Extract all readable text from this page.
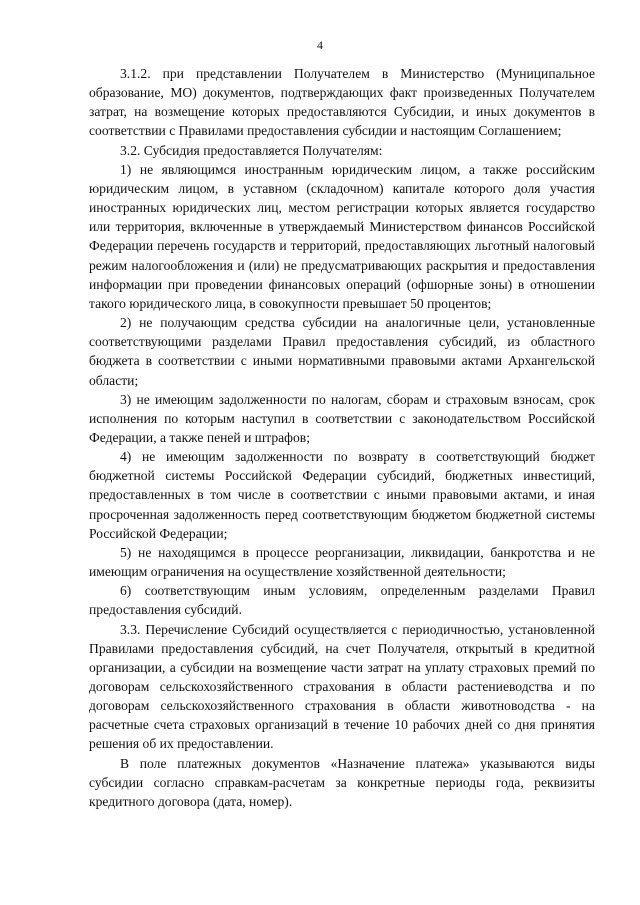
4

3.1.2. при представлении Получателем в Министерство (Муниципальное образование, МО) документов, подтверждающих факт произведенных Получателем затрат, на возмещение которых предоставляются Субсидии, и иных документов в соответствии с Правилами предоставления субсидии и настоящим Соглашением;

3.2. Субсидия предоставляется Получателям:

1) не являющимся иностранным юридическим лицом, а также российским юридическим лицом, в уставном (складочном) капитале которого доля участия иностранных юридических лиц, местом регистрации которых является государство или территория, включенные в утверждаемый Министерством финансов Российской Федерации перечень государств и территорий, предоставляющих льготный налоговый режим налогообложения и (или) не предусматривающих раскрытия и предоставления информации при проведении финансовых операций (офшорные зоны) в отношении такого юридического лица, в совокупности превышает 50 процентов;

2) не получающим средства субсидии на аналогичные цели, установленные соответствующими разделами Правил предоставления субсидий, из областного бюджета в соответствии с иными нормативными правовыми актами Архангельской области;

3) не имеющим задолженности по налогам, сборам и страховым взносам, срок исполнения по которым наступил в соответствии с законодательством Российской Федерации, а также пеней и штрафов;

4) не имеющим задолженности по возврату в соответствующий бюджет бюджетной системы Российской Федерации субсидий, бюджетных инвестиций, предоставленных в том числе в соответствии с иными правовыми актами, и иная просроченная задолженность перед соответствующим бюджетом бюджетной системы Российской Федерации;

5) не находящимся в процессе реорганизации, ликвидации, банкротства и не имеющим ограничения на осуществление хозяйственной деятельности;

6) соответствующим иным условиям, определенным разделами Правил предоставления субсидий.

3.3. Перечисление Субсидий осуществляется с периодичностью, установленной Правилами предоставления субсидий, на счет Получателя, открытый в кредитной организации, а субсидии на возмещение части затрат на уплату страховых премий по договорам сельскохозяйственного страхования в области растениеводства и по договорам сельскохозяйственного страхования в области животноводства - на расчетные счета страховых организаций в течение 10 рабочих дней со дня принятия решения об их предоставлении.

В поле платежных документов «Назначение платежа» указываются виды субсидии согласно справкам-расчетам за конкретные периоды года, реквизиты кредитного договора (дата, номер).
